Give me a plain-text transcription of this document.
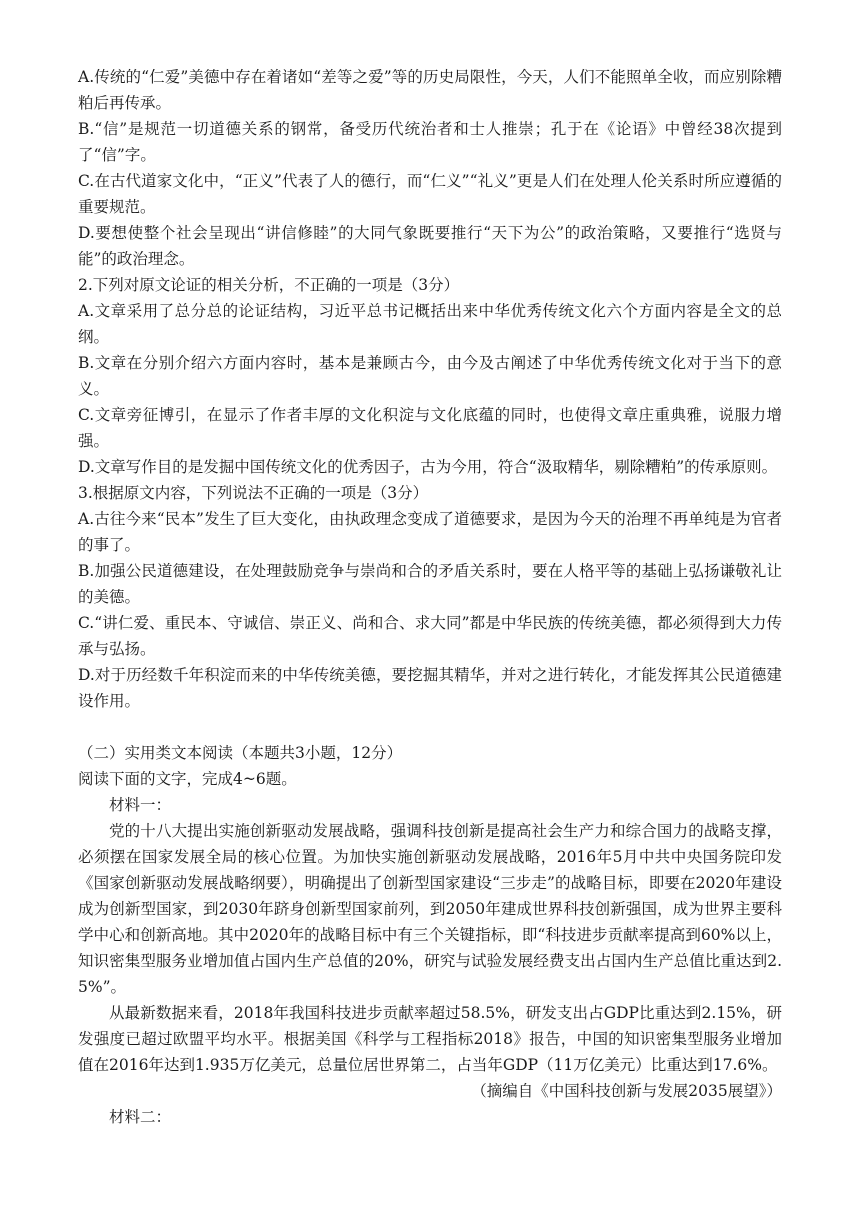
A.传统的“仁爱”美德中存在着诸如“差等之爱”等的历史局限性，今天，人们不能照单全收，而应别除糟粕后再传承。

B.“信”是规范一切道德关系的钢常，备受历代统治者和士人推崇；孔于在《论语》中曾经38次提到了“信”字。

C.在古代道家文化中，“正义”代表了人的德行，而“仁义”“礼义”更是人们在处理人伦关系时所应遵循的重要规范。

D.要想使整个社会呈现出“讲信修睦”的大同气象既要推行“天下为公”的政治策略，又要推行“选贤与能”的政治理念。

2.下列对原文论证的相关分析，不正确的一项是（3分）

A.文章采用了总分总的论证结构，习近平总书记概括出来中华优秀传统文化六个方面内容是全文的总纲。

B.文章在分别介绍六方面内容时，基本是兼顾古今，由今及古阐述了中华优秀传统文化对于当下的意义。

C.文章旁征博引，在显示了作者丰厚的文化积淀与文化底蕴的同时，也使得文章庄重典雅，说服力增强。

D.文章写作目的是发掘中国传统文化的优秀因子，古为今用，符合“汲取精华，剔除糟粕”的传承原则。

3.根据原文内容，下列说法不正确的一项是（3分）

A.古往今来“民本”发生了巨大变化，由执政理念变成了道德要求，是因为今天的治理不再单纯是为官者的事了。

B.加强公民道德建设，在处理鼓励竞争与崇尚和合的矛盾关系时，要在人格平等的基础上弘扬谦敬礼让的美德。

C.“讲仁爱、重民本、守诚信、崇正义、尚和合、求大同”都是中华民族的传统美德，都必须得到大力传承与弘扬。

D.对于历经数千年积淀而来的中华传统美德，要挖掘其精华，并对之进行转化，才能发挥其公民道德建设作用。

（二）实用类文本阅读（本题共3小题，12分）

阅读下面的文字，完成4~6题。

材料一：

党的十八大提出实施创新驱动发展战略，强调科技创新是提高社会生产力和综合国力的战略支撑，必须摆在国家发展全局的核心位置。为加快实施创新驱动发展战略，2016年5月中共中央国务院印发《国家创新驱动发展战略纲要），明确提出了创新型国家建设“三步走”的战略目标，即要在2020年建设成为创新型国家，到2030年跻身创新型国家前列，到2050年建成世界科技创新强国，成为世界主要科学中心和创新高地。其中2020年的战略目标中有三个关键指标，即“科技进步贡献率提高到60%以上，知识密集型服务业增加值占国内生产总值的20%，研究与试验发展经费支出占国内生产总值比重达到2.5%”。

从最新数据来看，2018年我国科技进步贡献率超过58.5%，研发支出占GDP比重达到2.15%，研发强度已超过欧盟平均水平。根据美国《科学与工程指标2018》报告，中国的知识密集型服务业增加值在2016年达到1.935万亿美元，总量位居世界第二，占当年GDP（11万亿美元）比重达到17.6%。

（摘编自《中国科技创新与发展2035展望》）

材料二：
